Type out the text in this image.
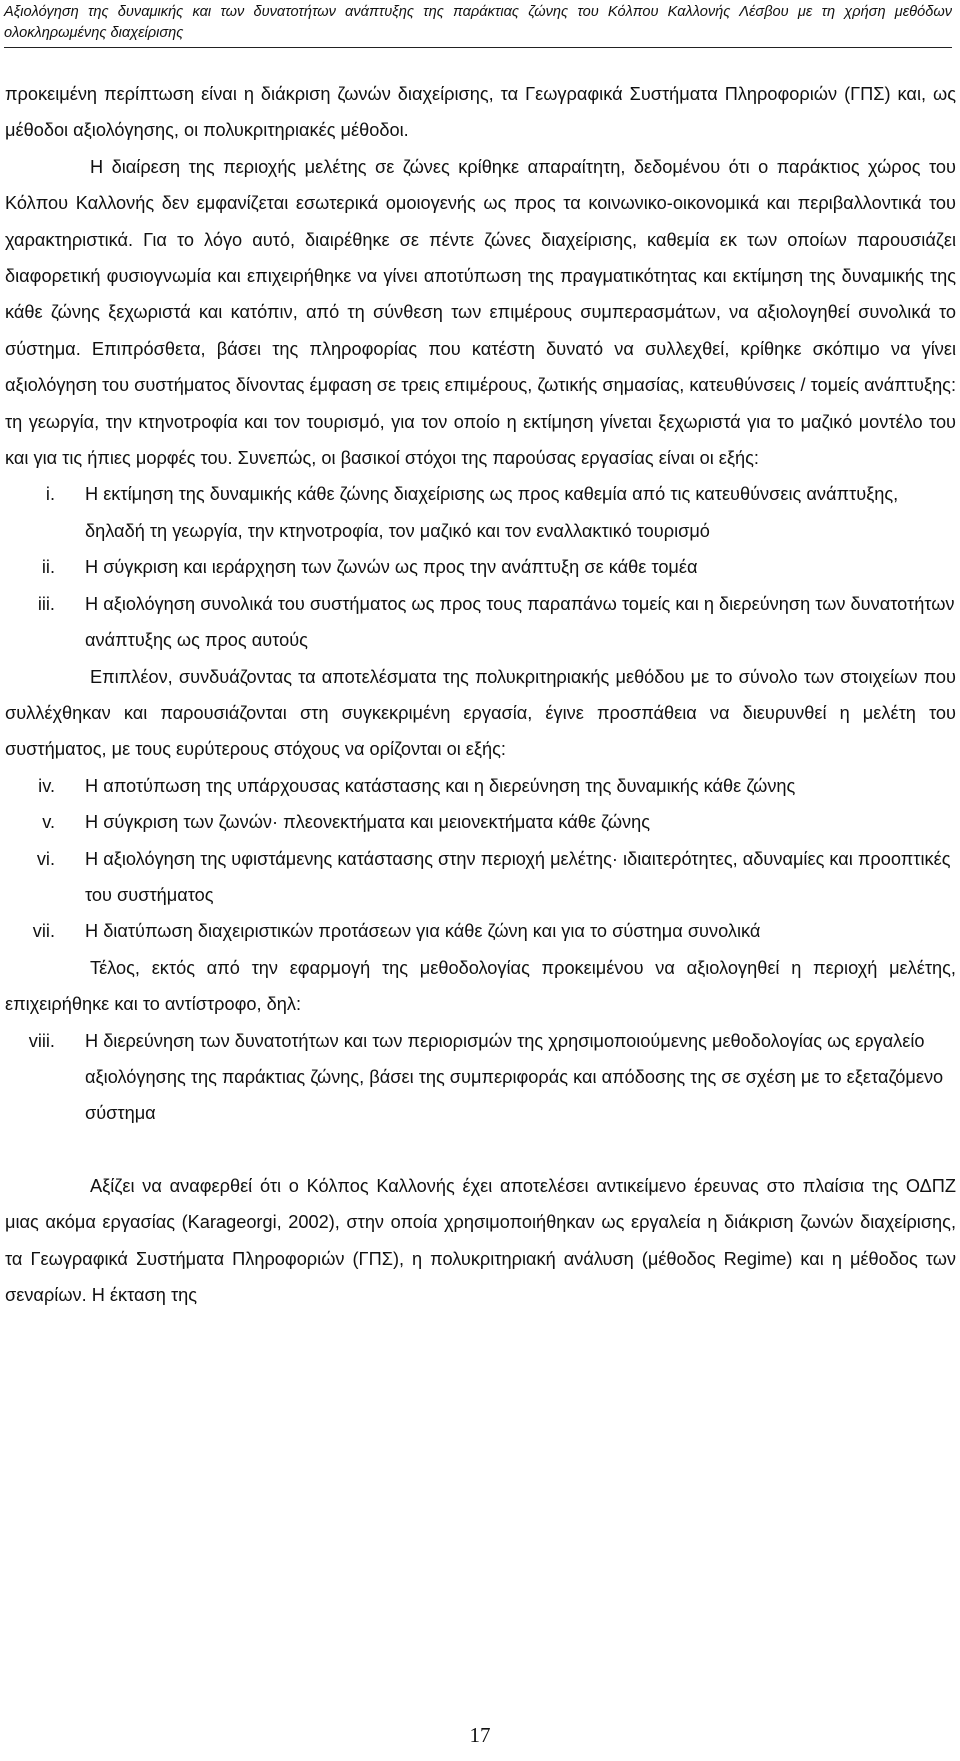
Αξιολόγηση της δυναμικής και των δυνατοτήτων ανάπτυξης της παράκτιας ζώνης του Κόλπου Καλλονής Λέσβου με τη χρήση μεθόδων ολοκληρωμένης διαχείρισης

προκειμένη περίπτωση είναι η διάκριση ζωνών διαχείρισης, τα Γεωγραφικά Συστήματα Πληροφοριών (ΓΠΣ) και, ως μέθοδοι αξιολόγησης, οι πολυκριτηριακές μέθοδοι.

Η διαίρεση της περιοχής μελέτης σε ζώνες κρίθηκε απαραίτητη, δεδομένου ότι ο παράκτιος χώρος του Κόλπου Καλλονής δεν εμφανίζεται εσωτερικά ομοιογενής ως προς τα κοινωνικο-οικονομικά και περιβαλλοντικά του χαρακτηριστικά. Για το λόγο αυτό, διαιρέθηκε σε πέντε ζώνες διαχείρισης, καθεμία εκ των οποίων παρουσιάζει διαφορετική φυσιογνωμία και επιχειρήθηκε να γίνει αποτύπωση της πραγματικότητας και εκτίμηση της δυναμικής της κάθε ζώνης ξεχωριστά και κατόπιν, από τη σύνθεση των επιμέρους συμπερασμάτων, να αξιολογηθεί συνολικά το σύστημα. Επιπρόσθετα, βάσει της πληροφορίας που κατέστη δυνατό να συλλεχθεί, κρίθηκε σκόπιμο να γίνει αξιολόγηση του συστήματος δίνοντας έμφαση σε τρεις επιμέρους, ζωτικής σημασίας, κατευθύνσεις / τομείς ανάπτυξης: τη γεωργία, την κτηνοτροφία και τον τουρισμό, για τον οποίο η εκτίμηση γίνεται ξεχωριστά για το μαζικό μοντέλο του και για τις ήπιες μορφές του. Συνεπώς, οι βασικοί στόχοι της παρούσας εργασίας είναι οι εξής:

i. Η εκτίμηση της δυναμικής κάθε ζώνης διαχείρισης ως προς καθεμία από τις κατευθύνσεις ανάπτυξης, δηλαδή τη γεωργία, την κτηνοτροφία, τον μαζικό και τον εναλλακτικό τουρισμό
ii. Η σύγκριση και ιεράρχηση των ζωνών ως προς την ανάπτυξη σε κάθε τομέα
iii. Η αξιολόγηση συνολικά του συστήματος ως προς τους παραπάνω τομείς και η διερεύνηση των δυνατοτήτων ανάπτυξης ως προς αυτούς

Επιπλέον, συνδυάζοντας τα αποτελέσματα της πολυκριτηριακής μεθόδου με το σύνολο των στοιχείων που συλλέχθηκαν και παρουσιάζονται στη συγκεκριμένη εργασία, έγινε προσπάθεια να διευρυνθεί η μελέτη του συστήματος, με τους ευρύτερους στόχους να ορίζονται οι εξής:

iv. Η αποτύπωση της υπάρχουσας κατάστασης και η διερεύνηση της δυναμικής κάθε ζώνης
v. Η σύγκριση των ζωνών· πλεονεκτήματα και μειονεκτήματα κάθε ζώνης
vi. Η αξιολόγηση της υφιστάμενης κατάστασης στην περιοχή μελέτης· ιδιαιτερότητες, αδυναμίες και προοπτικές του συστήματος
vii. Η διατύπωση διαχειριστικών προτάσεων για κάθε ζώνη και για το σύστημα συνολικά

Τέλος, εκτός από την εφαρμογή της μεθοδολογίας προκειμένου να αξιολογηθεί η περιοχή μελέτης, επιχειρήθηκε και το αντίστροφο, δηλ:

viii. Η διερεύνηση των δυνατοτήτων και των περιορισμών της χρησιμοποιούμενης μεθοδολογίας ως εργαλείο αξιολόγησης της παράκτιας ζώνης, βάσει της συμπεριφοράς και απόδοσης της σε σχέση με το εξεταζόμενο σύστημα

Αξίζει να αναφερθεί ότι ο Κόλπος Καλλονής έχει αποτελέσει αντικείμενο έρευνας στο πλαίσια της ΟΔΠΖ μιας ακόμα εργασίας (Karageorgi, 2002), στην οποία χρησιμοποιήθηκαν ως εργαλεία η διάκριση ζωνών διαχείρισης, τα Γεωγραφικά Συστήματα Πληροφοριών (ΓΠΣ), η πολυκριτηριακή ανάλυση (μέθοδος Regime) και η μέθοδος των σεναρίων. Η έκταση της

17
